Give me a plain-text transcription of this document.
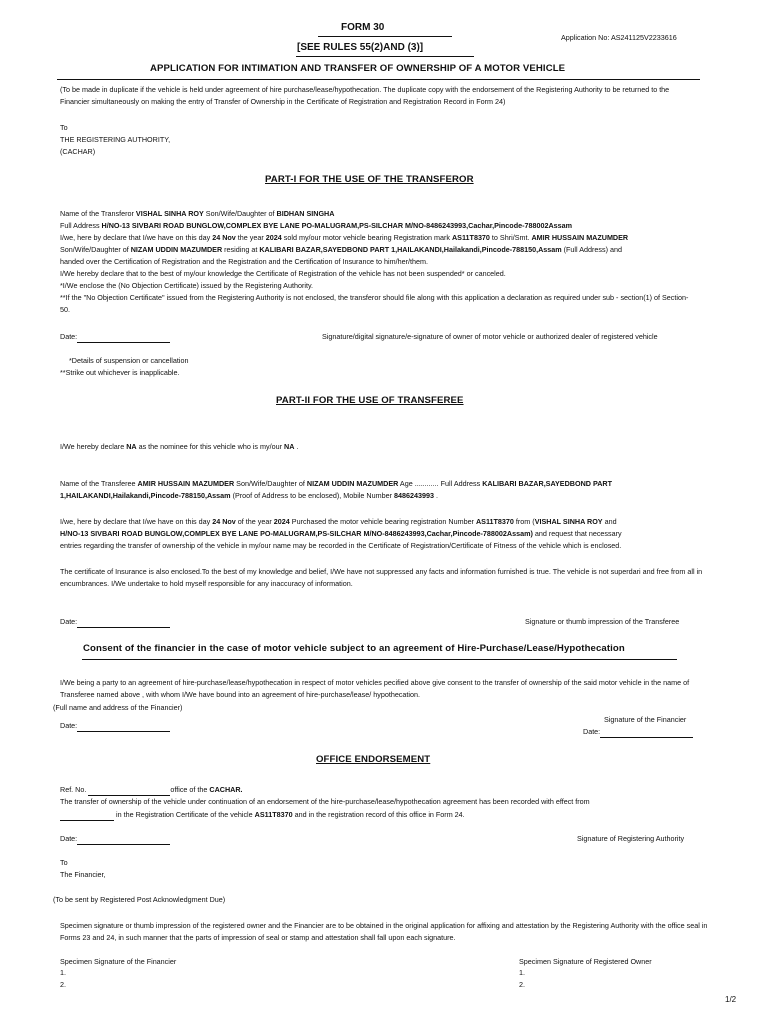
FORM 30
[SEE RULES 55(2)AND (3)]
Application No: AS241125V2233616
APPLICATION FOR INTIMATION AND TRANSFER OF OWNERSHIP OF A MOTOR VEHICLE

(To be made in duplicate if the vehicle is held under agreement of hire purchase/lease/hypothecation. The duplicate copy with the endorsement of the Registering Authority to be returned to the Financier simultaneously on making the entry of Transfer of Ownership in the Certificate of Registration and Registration Record in Form 24)

To
THE REGISTERING AUTHORITY,
(CACHAR)
PART-I FOR THE USE OF THE TRANSFEROR

Name of the Transferor VISHAL SINHA ROY Son/Wife/Daughter of BIDHAN SINGHA

Full Address H/NO-13 SIVBARI ROAD BUNGLOW,COMPLEX BYE LANE PO-MALUGRAM,PS-SILCHAR M/NO-8486243993,Cachar,Pincode-788002Assam

I/we, here by declare that I/we have on this day 24 Nov the year 2024 sold my/our motor vehicle bearing Registration mark AS11T8370 to Shri/Smt. AMIR HUSSAIN MAZUMDER

Son/Wife/Daughter of NIZAM UDDIN MAZUMDER residing at KALIBARI BAZAR,SAYEDBOND PART 1,HAILAKANDI,Hailakandi,Pincode-788150,Assam (Full Address) and

handed over the Certification of Registration and the Registration and the Certification of Insurance to him/her/them.

I/We hereby declare that to the best of my/our knowledge the Certificate of Registration of the vehicle has not been suspended* or canceled.

*I/We enclose the (No Objection Certificate) issued by the Registering Authority.

**If the "No Objection Certificate" issued from the Registering Authority is not enclosed, the transferor should file along with this application a declaration as required under sub - section(1) of Section-50.

Date:	Signature/digital signature/e-signature of owner of motor vehicle or authorized dealer of registered vehicle
*Details of suspension or cancellation
**Strike out whichever is inapplicable.
PART-II FOR THE USE OF TRANSFEREE

I/We hereby declare NA as the nominee for this vehicle who is my/our NA .

Name of the Transferee AMIR HUSSAIN MAZUMDER Son/Wife/Daughter of NIZAM UDDIN MAZUMDER Age ............ Full Address KALIBARI BAZAR,SAYEDBOND PART
1,HAILAKANDI,Hailakandi,Pincode-788150,Assam (Proof of Address to be enclosed), Mobile Number 8486243993 .

I/we, here by declare that I/we have on this day 24 Nov of the year 2024 Purchased the motor vehicle bearing registration Number AS11T8370 from (VISHAL SINHA ROY and
H/NO-13 SIVBARI ROAD BUNGLOW,COMPLEX BYE LANE PO-MALUGRAM,PS-SILCHAR M/NO-8486243993,Cachar,Pincode-788002Assam) and request that necessary
entries regarding the transfer of ownership of the vehicle in my/our name may be recorded in the Certificate of Registration/Certificate of Fitness of the vehicle which is enclosed.

The certificate of Insurance is also enclosed.To the best of my knowledge and belief, I/We have not suppressed any facts and information furnished is true. The vehicle is not superdari and free from all in encumbrances. I/We undertake to hold myself responsible for any inaccuracy of information.

Date:	Signature or thumb impression of the Transferee
Consent of the financier in the case of motor vehicle subject to an agreement of Hire-Purchase/Lease/Hypothecation

I/We being a party to an agreement of hire-purchase/lease/hypothecation in respect of motor vehicles pecified above give consent to the transfer of ownership of the said motor vehicle in the name of Transferee named above , with whom I/We have bound into an agreement of hire-purchase/lease/ hypothecation.

(Full name and address of the Financier)
Date:
Signature of the Financier
Date:
OFFICE ENDORSEMENT
Ref. No.	office of the CACHAR.

The transfer of ownership of the vehicle under continuation of an endorsement of the hire-purchase/lease/hypothecation agreement has been recorded with effect from

in the Registration Certificate of the vehicle AS11T8370 and in the registration record of this office in Form 24.
Date:	Signature of Registering Authority
To
The Financier,
(To be sent by Registered Post Acknowledgment Due)

Specimen signature or thumb impression of the registered owner and the Financier are to be obtained in the original application for affixing and attestation by the Registering Authority with the office seal in Forms 23 and 24, in such manner that the parts of impression of seal or stamp and attestation shall fall upon each signature.

Specimen Signature of the Financier
1.
2.
Specimen Signature of Registered Owner
1.
2.
1/2
